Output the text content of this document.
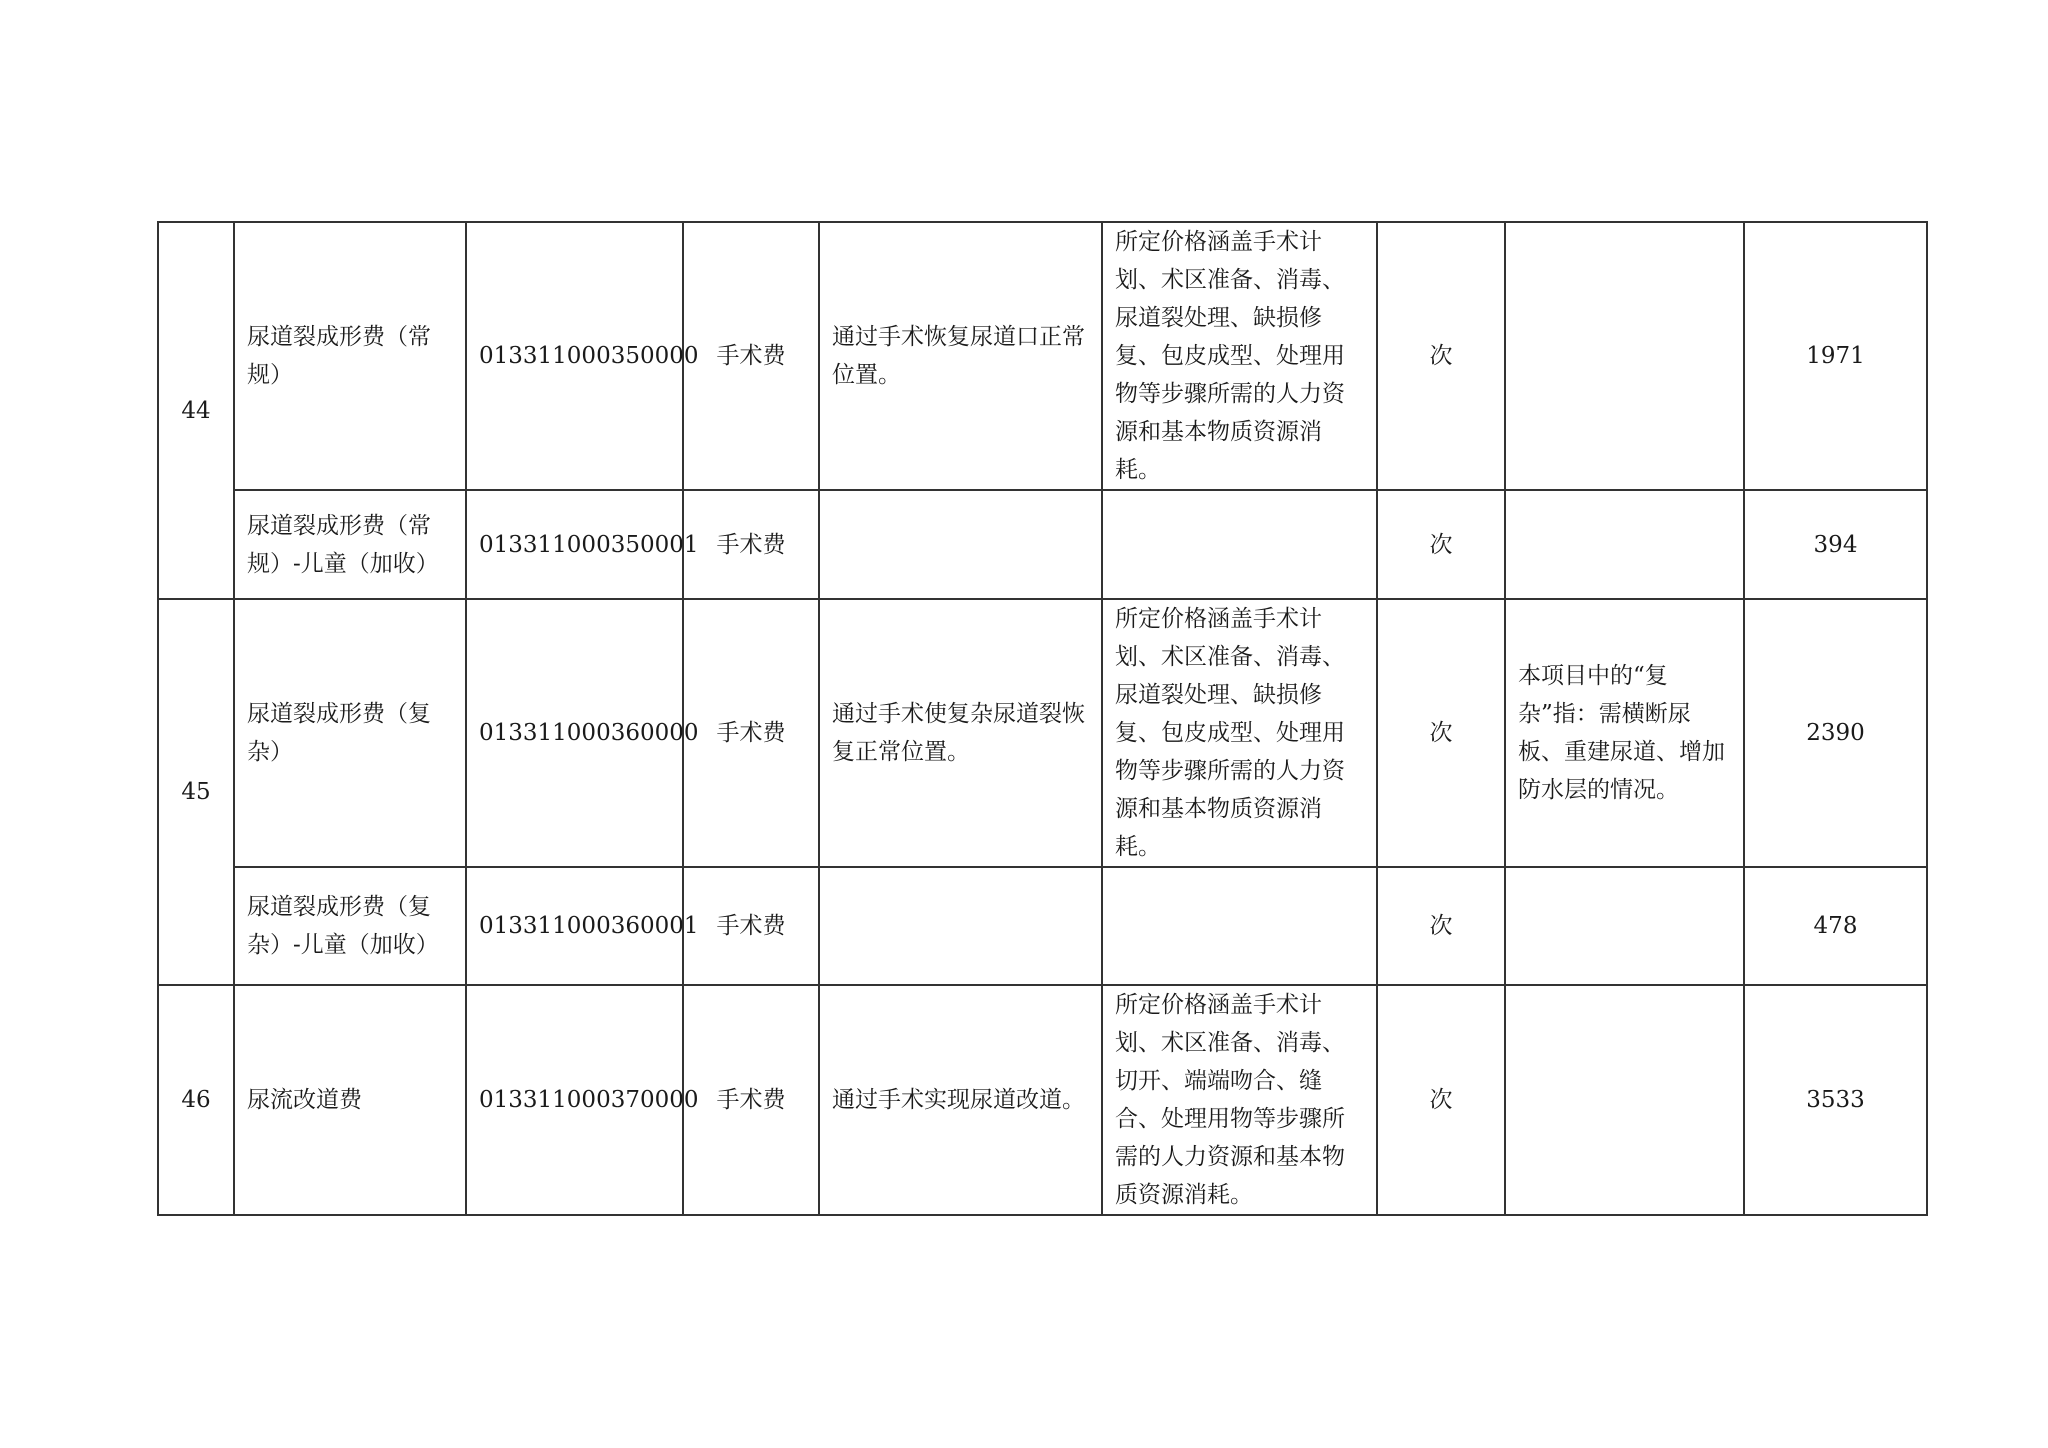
44	尿道裂成形费（常规）	013311000350000	手术费	通过手术恢复尿道口正常位置。	所定价格涵盖手术计划、术区准备、消毒、尿道裂处理、缺损修复、包皮成型、处理用物等步骤所需的人力资源和基本物质资源消耗。	次		1971
	尿道裂成形费（常规）-儿童（加收）	013311000350001	手术费			次		394
45	尿道裂成形费（复杂）	013311000360000	手术费	通过手术使复杂尿道裂恢复正常位置。	所定价格涵盖手术计划、术区准备、消毒、尿道裂处理、缺损修复、包皮成型、处理用物等步骤所需的人力资源和基本物质资源消耗。	次	本项目中的“复杂”指：需横断尿板、重建尿道、增加防水层的情况。	2390
	尿道裂成形费（复杂）-儿童（加收）	013311000360001	手术费			次		478
46	尿流改道费	013311000370000	手术费	通过手术实现尿道改道。	所定价格涵盖手术计划、术区准备、消毒、切开、端端吻合、缝合、处理用物等步骤所需的人力资源和基本物质资源消耗。	次		3533
